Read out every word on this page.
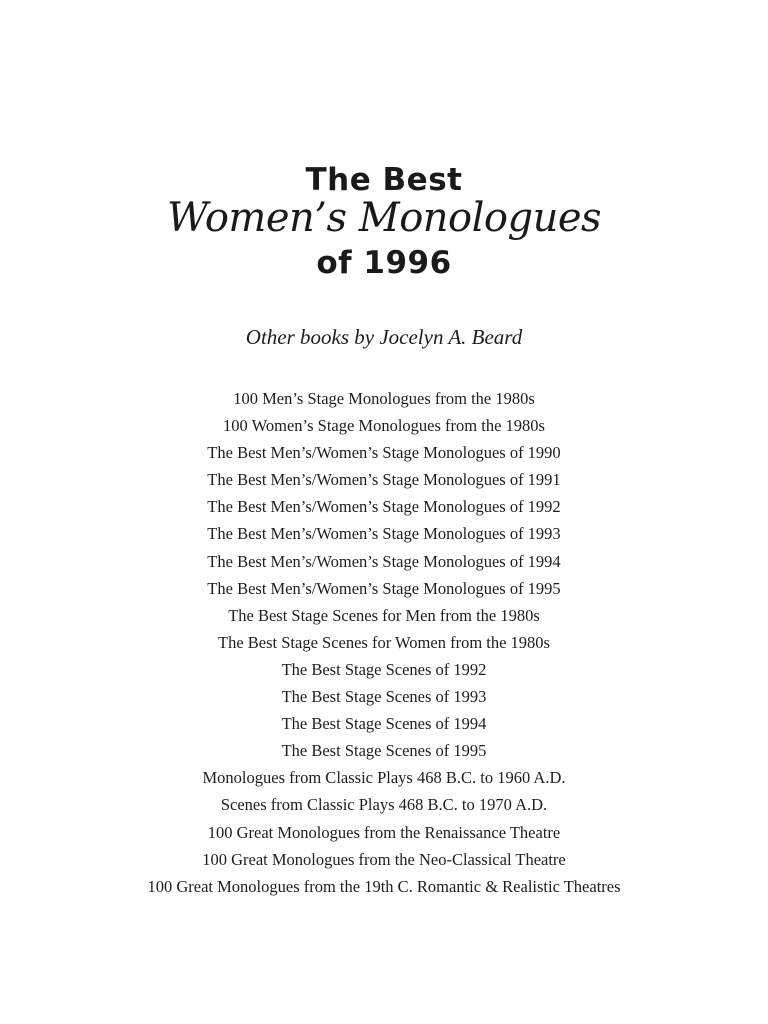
The Best
Women’s Monologues
of 1996
Other books by Jocelyn A. Beard
100 Men’s Stage Monologues from the 1980s
100 Women’s Stage Monologues from the 1980s
The Best Men’s/Women’s Stage Monologues of 1990
The Best Men’s/Women’s Stage Monologues of 1991
The Best Men’s/Women’s Stage Monologues of 1992
The Best Men’s/Women’s Stage Monologues of 1993
The Best Men’s/Women’s Stage Monologues of 1994
The Best Men’s/Women’s Stage Monologues of 1995
The Best Stage Scenes for Men from the 1980s
The Best Stage Scenes for Women from the 1980s
The Best Stage Scenes of 1992
The Best Stage Scenes of 1993
The Best Stage Scenes of 1994
The Best Stage Scenes of 1995
Monologues from Classic Plays 468 B.C. to 1960 A.D.
Scenes from Classic Plays 468 B.C. to 1970 A.D.
100 Great Monologues from the Renaissance Theatre
100 Great Monologues from the Neo-Classical Theatre
100 Great Monologues from the 19th C. Romantic & Realistic Theatres
